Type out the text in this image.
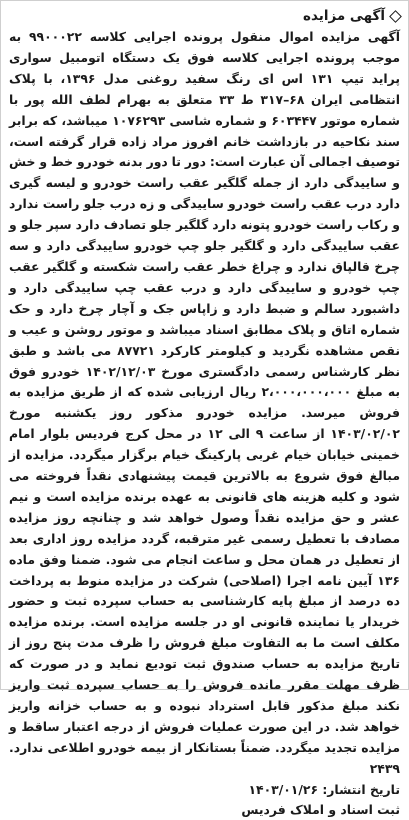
آگهی مزایده

آگهی مزایده اموال منقول پرونده اجرایی کلاسه ۹۹۰۰۰۲۲ به موجب پرونده اجرایی کلاسه فوق یک دستگاه اتومبیل سواری پراید تیپ ۱۳۱ اس ای رنگ سفید روغنی مدل ۱۳۹۶، با پلاک انتظامی ایران ۶۸–۳۱۷ ط ۳۳ متعلق به بهرام لطف الله پور با شماره موتور ۶۰۳۴۴۷ و شماره شاسی ۱۰۷۶۲۹۳ میباشد، که برابر سند نکاحیه در بازداشت خانم افروز مراد زاده قرار گرفته است، توصیف اجمالی آن عبارت است: دور تا دور بدنه خودرو خط و خش و ساییدگی دارد از جمله گلگیر عقب راست خودرو و لیسه گیری دارد درب عقب راست خودرو ساییدگی و زه درب جلو راست ندارد و رکاب راست خودرو پتونه دارد گلگیر جلو تصادف دارد سپر جلو و عقب ساییدگی دارد و گلگیر جلو چپ خودرو ساییدگی دارد و سه چرخ قالپاق ندارد و چراغ خطر عقب راست شکسته و گلگیر عقب چپ خودرو و ساییدگی دارد و درب عقب چپ ساییدگی دارد و داشبورد سالم و ضبط دارد و زاپاس جک و آچار چرخ دارد و حک شماره اتاق و پلاک مطابق اسناد میباشد و موتور روشن و عیب و نقص مشاهده نگردید و کیلومتر کارکرد ۸۷۷۲۱ می باشد و طبق نظر کارشناس رسمی دادگستری مورخ ۱۴۰۲/۱۲/۰۳ خودرو فوق به مبلغ ۲،۰۰۰،۰۰۰،۰۰۰ ریال ارزیابی شده که از طریق مزایده به فروش میرسد. مزایده خودرو مذکور روز یکشنبه مورخ ۱۴۰۳/۰۲/۰۲ از ساعت ۹ الی ۱۲ در محل کرج فردیس بلوار امام خمینی خیابان خیام غربی پارکینگ خیام برگزار میگردد. مزایده از مبالغ فوق شروع به بالاترین قیمت پیشنهادی نقداً فروخته می شود و کلیه هزینه های قانونی به عهده برنده مزایده است و نیم عشر و حق مزایده نقداً وصول خواهد شد و چنانچه روز مزایده مصادف با تعطیل رسمی غیر مترقبه، گردد مزایده روز اداری بعد از تعطیل در همان محل و ساعت انجام می شود. ضمنا وفق ماده ۱۳۶ آیین نامه اجرا (اصلاحی) شرکت در مزایده منوط به پرداخت ده درصد از مبلغ پایه کارشناسی به حساب سپرده ثبت و حضور خریدار یا نماینده قانونی او در جلسه مزایده است. برنده مزایده مکلف است ما به التفاوت مبلغ فروش را ظرف مدت پنج روز از تاریخ مزایده به حساب صندوق ثبت تودیع نماید و در صورت که ظرف مهلت مقرر مانده فروش را به حساب سپرده ثبت واریز نکند مبلغ مذکور قابل استرداد نبوده و به حساب خزانه واریز خواهد شد. در این صورت عملیات فروش از درجه اعتبار ساقط و مزایده تجدید میگردد. ضمناً بستانکار از بیمه خودرو اطلاعی ندارد. ۲۴۳۹

تاریخ انتشار: ۱۴۰۳/۰۱/۲۶
ثبت اسناد و املاک فردیس
